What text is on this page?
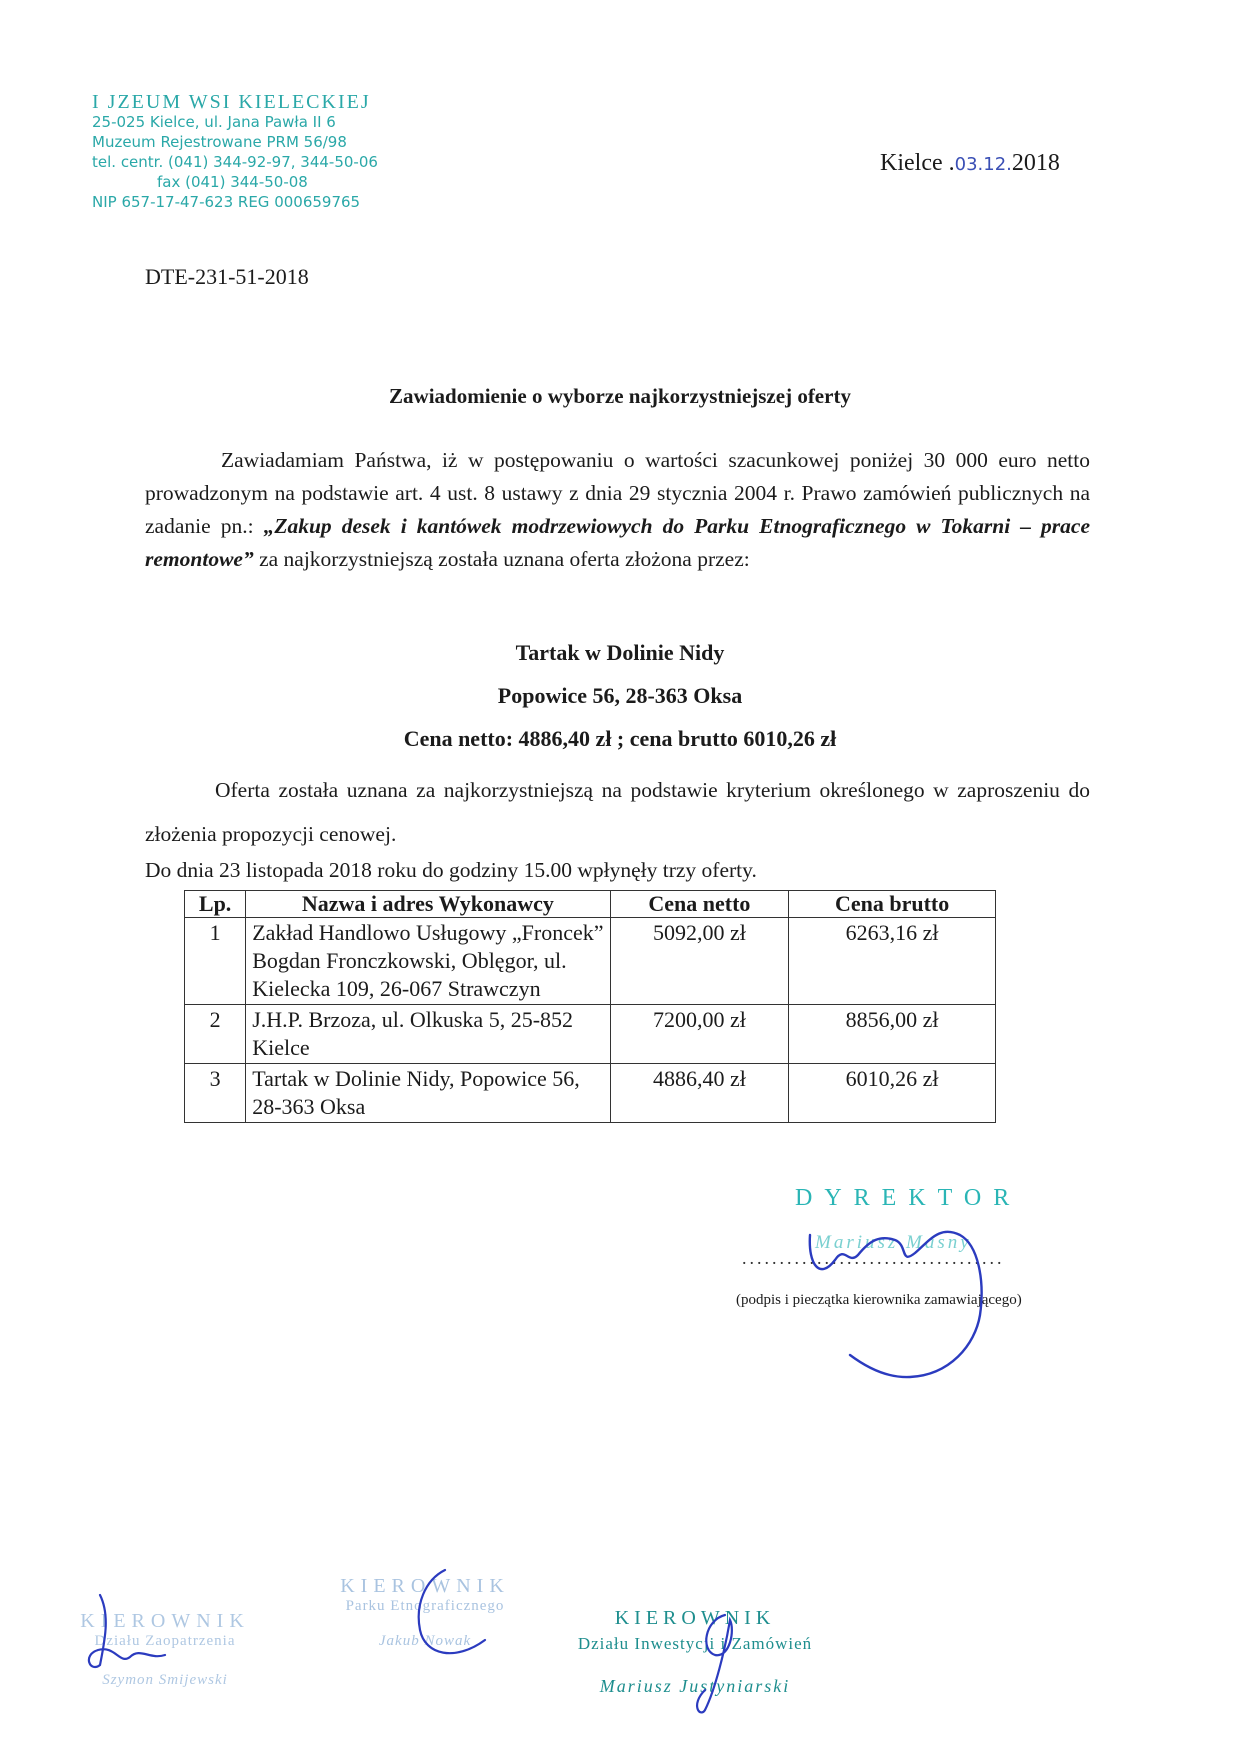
I JZEUM WSI KIELECKIEJ
25-025 Kielce, ul. Jana Pawła II 6
Muzeum Rejestrowane PRM 56/98
tel. centr. (041) 344-92-97, 344-50-06
fax (041) 344-50-08
NIP 657-17-47-623 REG 000659765
Kielce .03.12.2018
DTE-231-51-2018
Zawiadomienie o wyborze najkorzystniejszej oferty
Zawiadamiam Państwa, iż w postępowaniu o wartości szacunkowej poniżej 30 000 euro netto prowadzonym na podstawie art. 4 ust. 8 ustawy z dnia 29 stycznia 2004 r. Prawo zamówień publicznych na zadanie pn.: „Zakup desek i kantówek modrzewiowych do Parku Etnograficznego w Tokarni – prace remontowe” za najkorzystniejszą została uznana oferta złożona przez:
Tartak w Dolinie Nidy
Popowice 56, 28-363 Oksa
Cena netto: 4886,40 zł ; cena brutto 6010,26 zł
Oferta została uznana za najkorzystniejszą na podstawie kryterium określonego w zaproszeniu do złożenia propozycji cenowej.
Do dnia 23 listopada 2018 roku do godziny 15.00 wpłynęły trzy oferty.
Lp.	Nazwa i adres Wykonawcy	Cena netto	Cena brutto
1	Zakład Handlowo Usługowy „Froncek” Bogdan Fronczkowski, Oblęgor, ul. Kielecka 109, 26-067 Strawczyn	5092,00 zł	6263,16 zł
2	J.H.P. Brzoza, ul. Olkuska 5, 25-852 Kielce	7200,00 zł	8856,00 zł
3	Tartak w Dolinie Nidy, Popowice 56, 28-363 Oksa	4886,40 zł	6010,26 zł
DYREKTOR
Mariusz Masny
...................................
(podpis i pieczątka kierownika zamawiającego)
KIEROWNIK
Działu Zaopatrzenia
Szymon Smijewski
KIEROWNIK
Parku Etnograficznego
Jakub Nowak
KIEROWNIK
Działu Inwestycji i Zamówień
Mariusz Justyniarski
